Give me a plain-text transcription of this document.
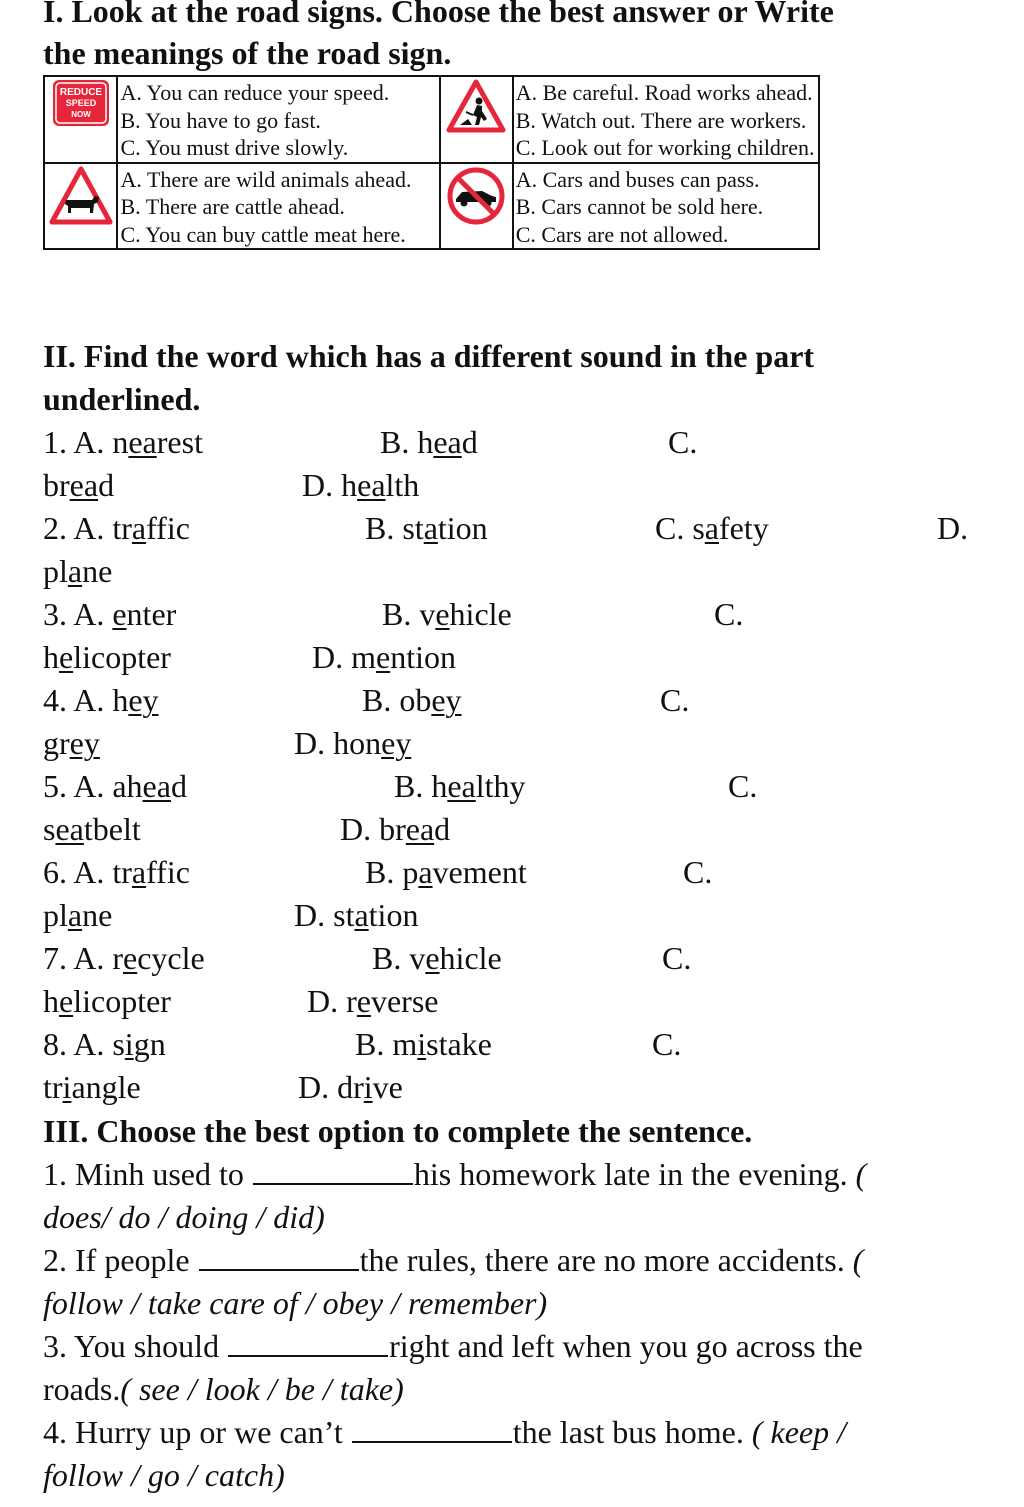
I. Look at the road signs. Choose the best answer or Write
the meanings of the road sign.
REDUCE
SPEED
NOW	A. You can reduce your speed.
B. You have to go fast.
C. You must drive slowly.		A. Be careful. Road works ahead.
B. Watch out. There are workers.
C. Look out for working children.

A. There are wild animals ahead.
B. There are cattle ahead.
C. You can buy cattle meat here.		A. Cars and buses can pass.
B. Cars cannot be sold here.
C. Cars are not allowed.
II. Find the word which has a different sound in the part
underlined.
1. A. nearest	B. head	C.
bread	D. health
2. A. traffic	B. station	C. safety	D.
plane
3. A. enter	B. vehicle	C.
helicopter	D. mention
4. A. hey	B. obey	C.
grey	D. honey
5. A. ahead	B. healthy	C.
seatbelt	D. bread
6. A. traffic	B. pavement	C.
plane	D. station
7. A. recycle	B. vehicle	C.
helicopter	D. reverse
8. A. sign	B. mistake	C.
triangle	D. drive
III. Choose the best option to complete the sentence.
1. Minh used to	his homework late in the evening. (
does/ do / doing / did)
2. If people	the rules, there are no more accidents. (
follow / take care of / obey / remember)
3. You should	right and left when you go across the
roads.( see / look / be / take)
4. Hurry up or we can’t	the last bus home. ( keep /
follow / go / catch)
